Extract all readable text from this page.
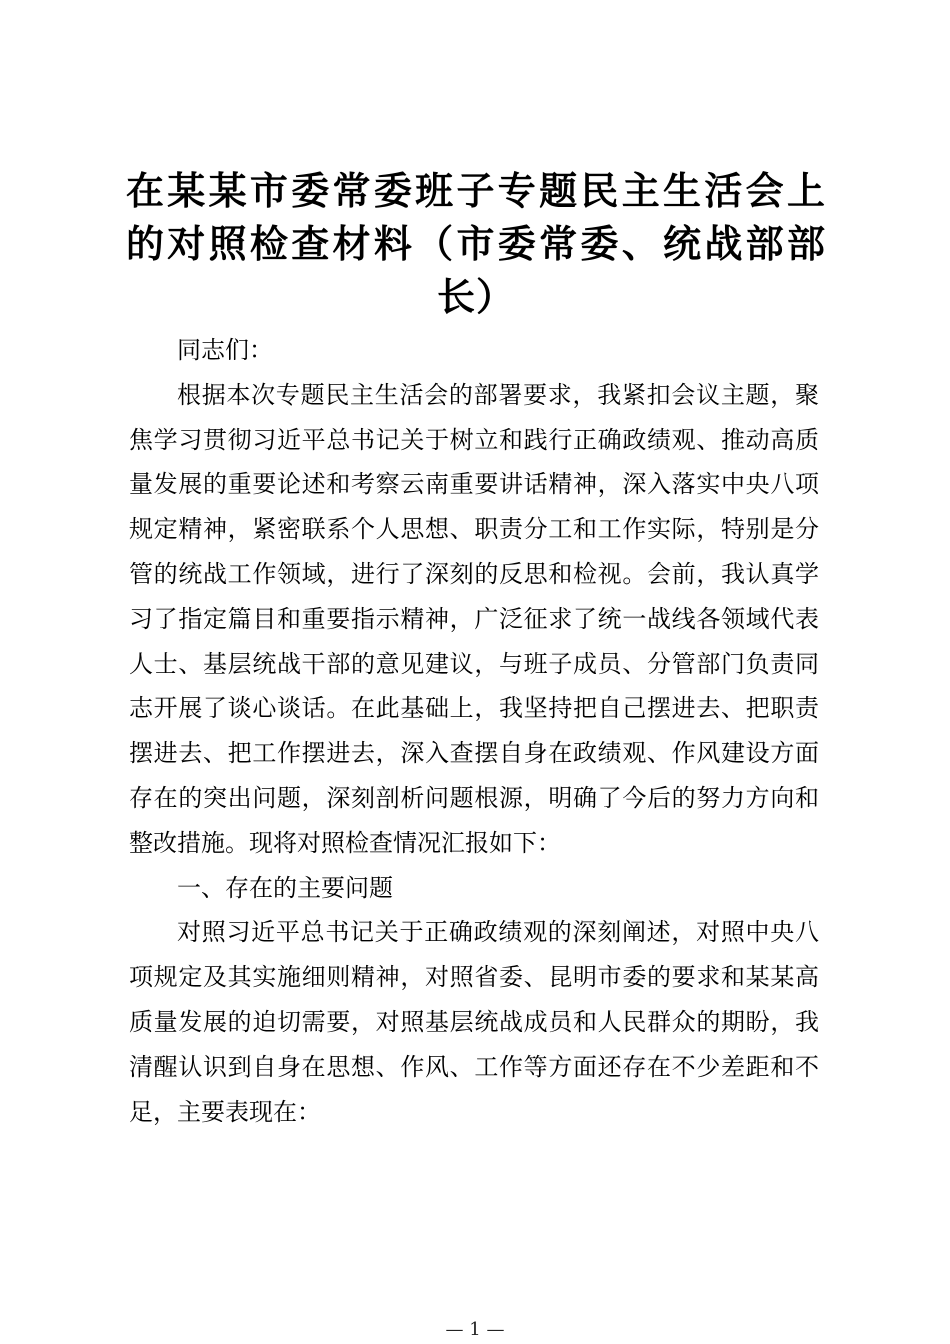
在某某市委常委班子专题民主生活会上的对照检查材料（市委常委、统战部部长）

同志们：

根据本次专题民主生活会的部署要求，我紧扣会议主题，聚焦学习贯彻习近平总书记关于树立和践行正确政绩观、推动高质量发展的重要论述和考察云南重要讲话精神，深入落实中央八项规定精神，紧密联系个人思想、职责分工和工作实际，特别是分管的统战工作领域，进行了深刻的反思和检视。会前，我认真学习了指定篇目和重要指示精神，广泛征求了统一战线各领域代表人士、基层统战干部的意见建议，与班子成员、分管部门负责同志开展了谈心谈话。在此基础上，我坚持把自己摆进去、把职责摆进去、把工作摆进去，深入查摆自身在政绩观、作风建设方面存在的突出问题，深刻剖析问题根源，明确了今后的努力方向和整改措施。现将对照检查情况汇报如下：

一、存在的主要问题

对照习近平总书记关于正确政绩观的深刻阐述，对照中央八项规定及其实施细则精神，对照省委、昆明市委的要求和某某高质量发展的迫切需要，对照基层统战成员和人民群众的期盼，我清醒认识到自身在思想、作风、工作等方面还存在不少差距和不足，主要表现在：

— 1 —
